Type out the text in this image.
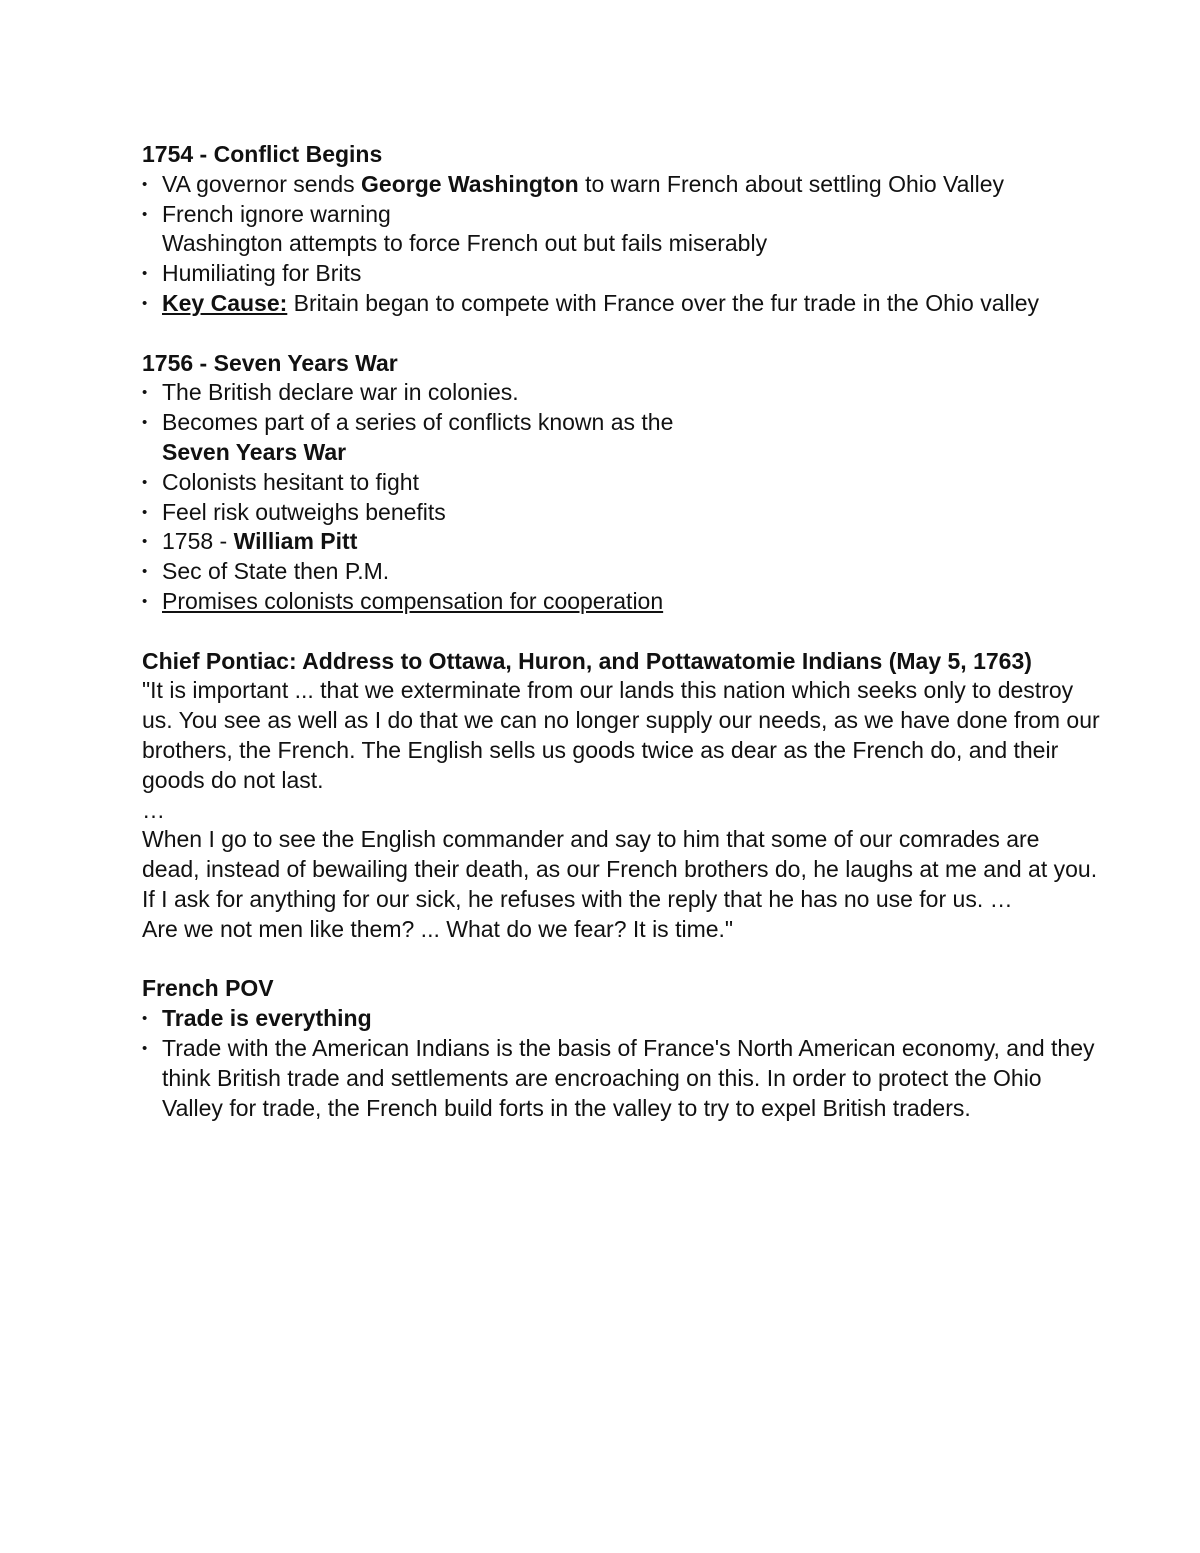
1754 - Conflict Begins
• VA governor sends George Washington to warn French about settling Ohio Valley
• French ignore warning
Washington attempts to force French out but fails miserably
• Humiliating for Brits
• Key Cause: Britain began to compete with France over the fur trade in the Ohio valley
1756 - Seven Years War
• The British declare war in colonies.
• Becomes part of a series of conflicts known as the
Seven Years War
• Colonists hesitant to fight
• Feel risk outweighs benefits
• 1758 - William Pitt
• Sec of State then P.M.
• Promises colonists compensation for cooperation
Chief Pontiac: Address to Ottawa, Huron, and Pottawatomie Indians (May 5, 1763)

"It is important ... that we exterminate from our lands this nation which seeks only to destroy us. You see as well as I do that we can no longer supply our needs, as we have done from our brothers, the French. The English sells us goods twice as dear as the French do, and their goods do not last.

…

When I go to see the English commander and say to him that some of our comrades are dead, instead of bewailing their death, as our French brothers do, he laughs at me and at you. If I ask for anything for our sick, he refuses with the reply that he has no use for us. …

Are we not men like them? ... What do we fear? It is time."

French POV
• Trade is everything
• Trade with the American Indians is the basis of France's North American economy, and they think British trade and settlements are encroaching on this. In order to protect the Ohio Valley for trade, the French build forts in the valley to try to expel British traders.
